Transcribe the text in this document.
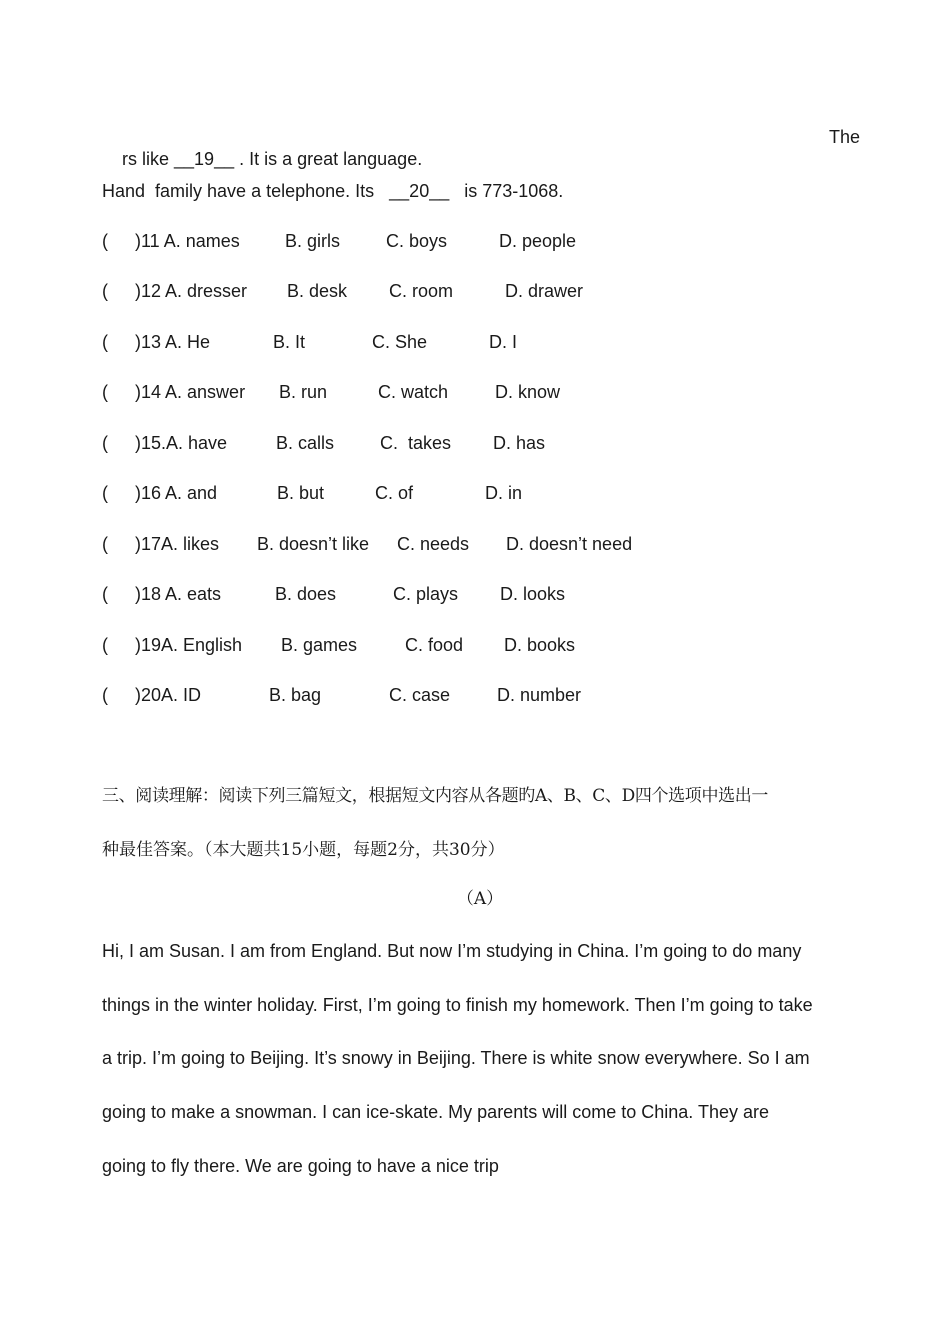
rs like __19__ . It is a great language.

The

Hand  family have a telephone. Its   __20__   is 773-1068.

(

)11 A. names

	B. girls

	C. boys

	D. people

(

)12 A. dresser

B. desk

C. room

	D. drawer

(

)13 A. He

	B. It

	C. She

	D. I

(

)14 A. answer

B. run

	C. watch

	D. know

(

)15.A. have

	B. calls

	C.  takes

D. has

(

)16 A. and

	B. but

	C. of

	D. in

(

)17A. likes

B. doesn’t like

C. needs

D. doesn’t need

(

)18 A. eats

	B. does

	C. plays

D. looks

(

)19A. English

B. games

	C. food

D. books

(

)20A. ID

	B. bag

	C. case

	D. number

三、阅读理解：阅读下列三篇短文，根据短文内容从各题旳A、B、C、D四个选项中选出一
种最佳答案。（本大题共15小题，每题2分，共30分）
（A）
Hi, I am Susan. I am from England. But now I’m studying in China. I’m going to do many
things in the winter holiday. First, I’m going to finish my homework. Then I’m going to take
a trip. I’m going to Beijing. It’s snowy in Beijing. There is white snow everywhere. So I am
going to make a snowman. I can ice-skate. My parents will come to China. They are
going to fly there. We are going to have a nice trip
